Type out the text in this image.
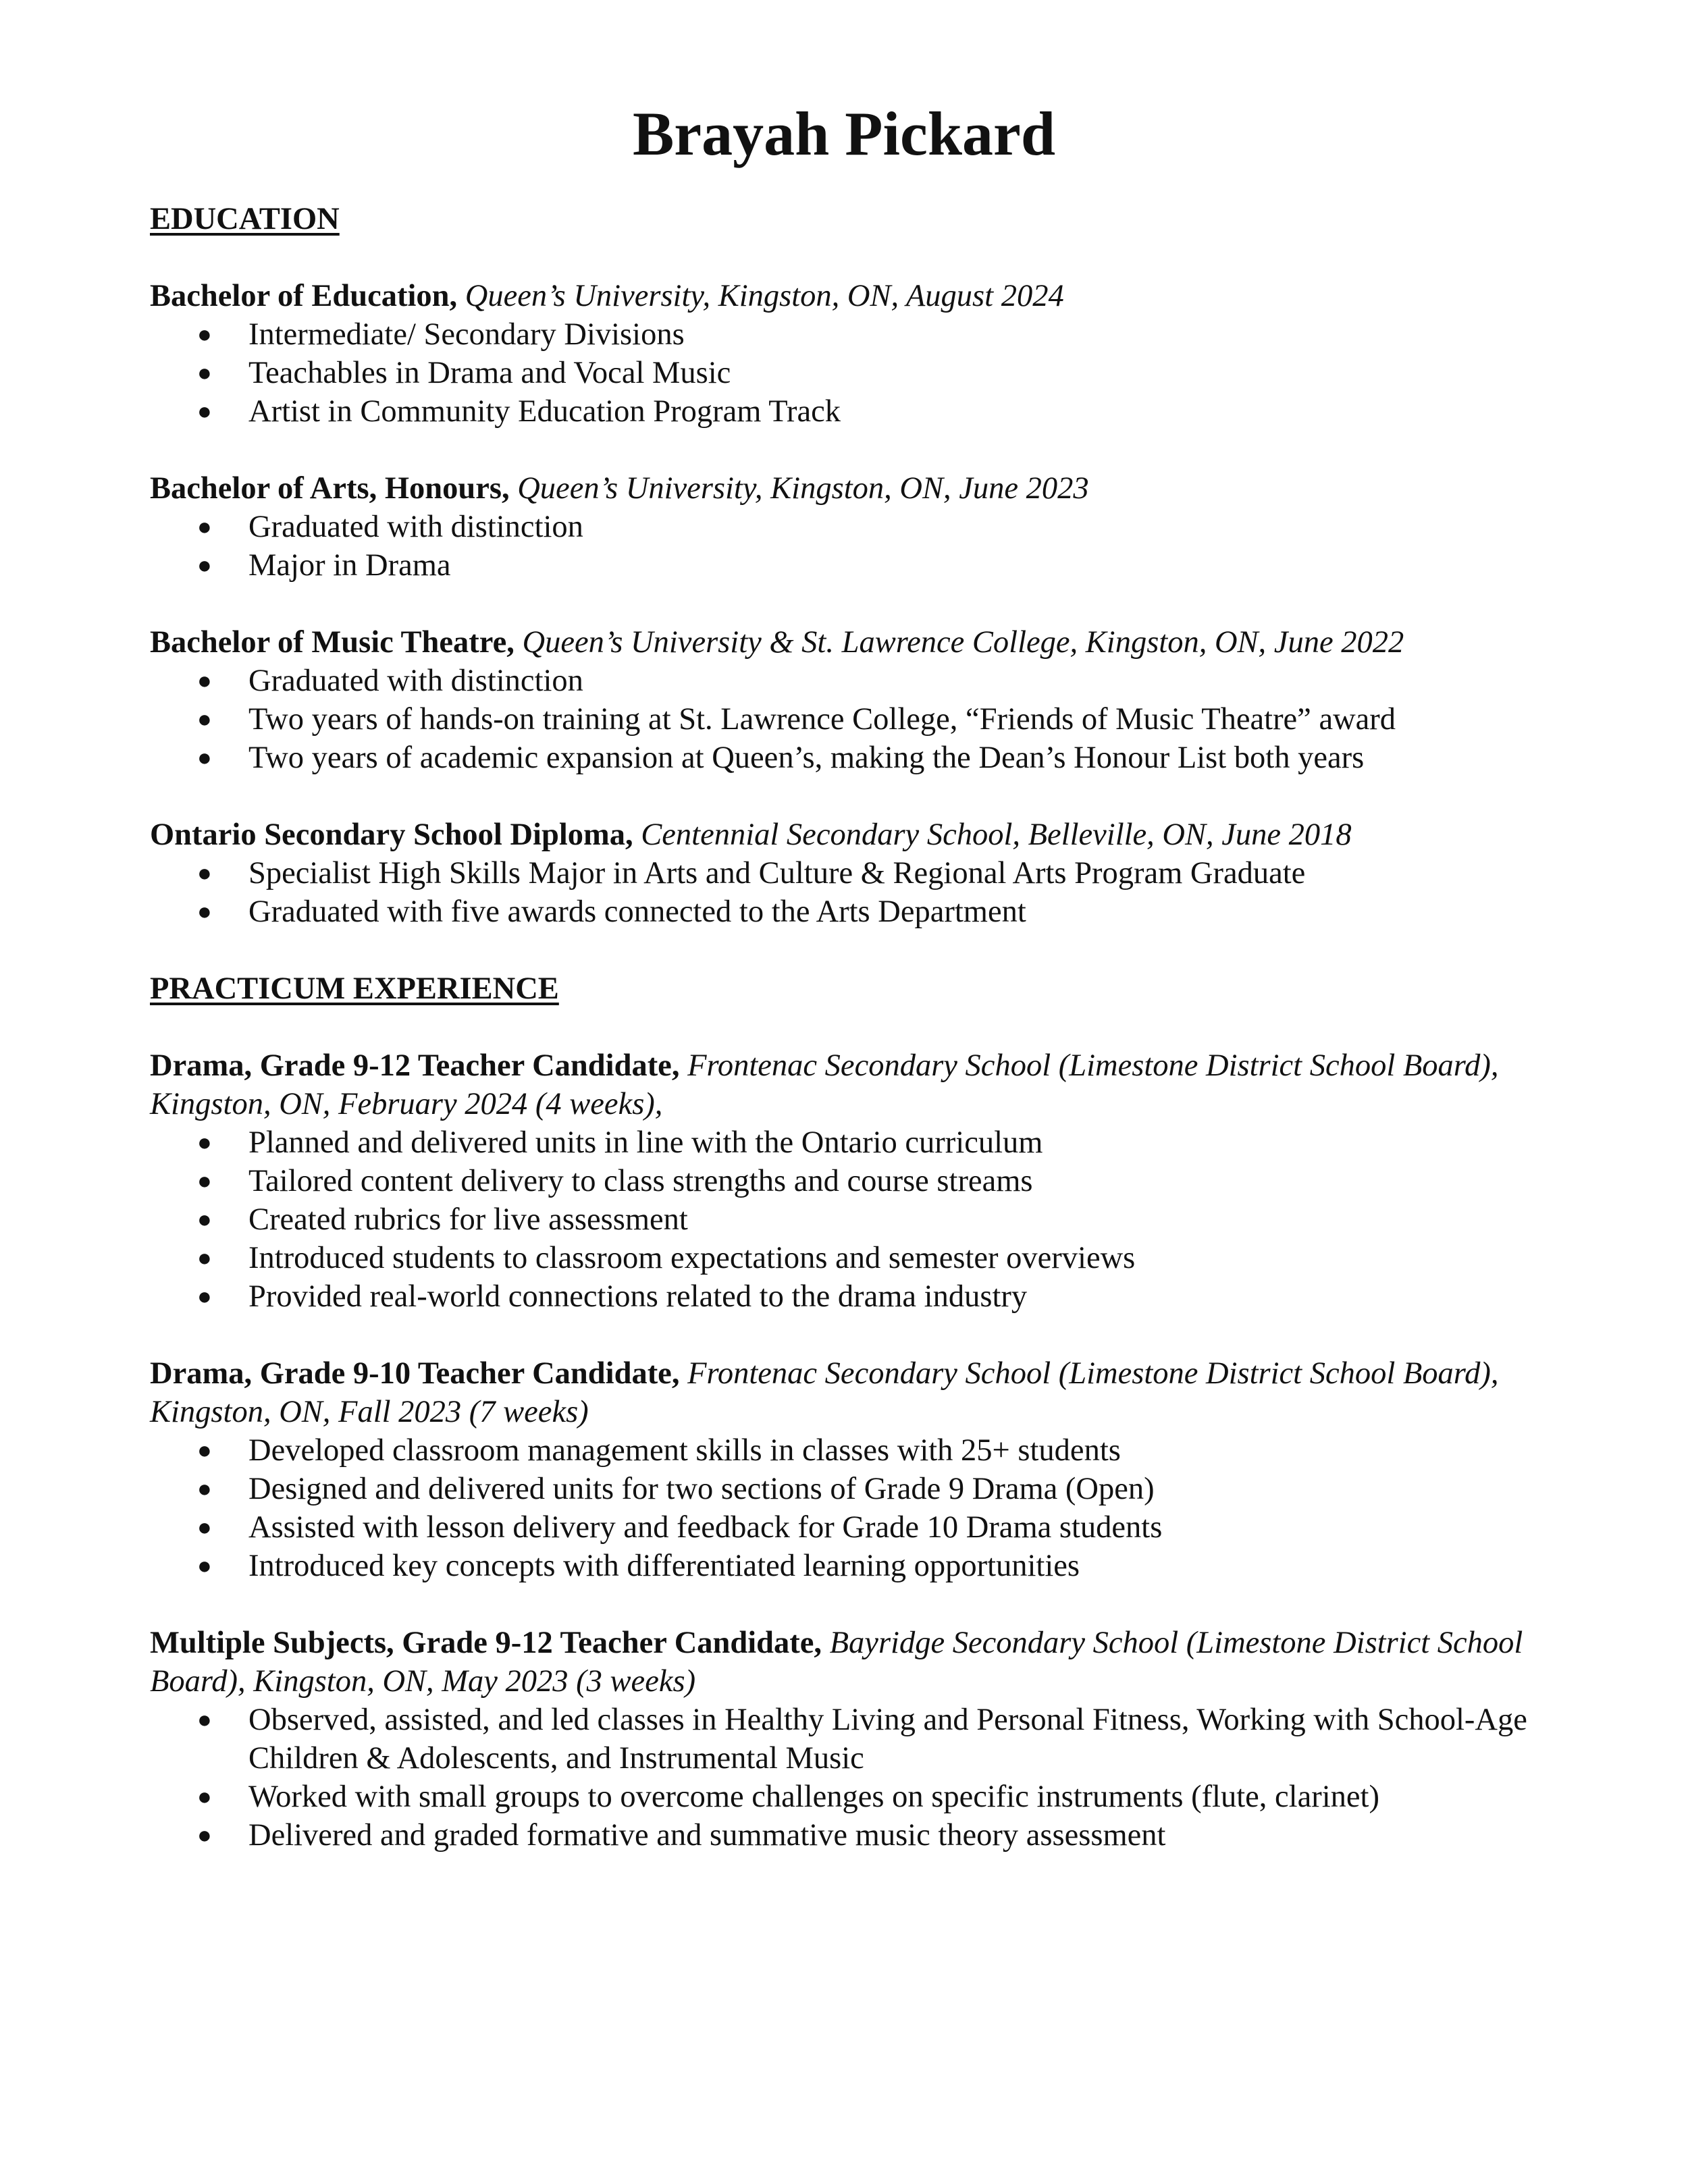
Brayah Pickard
EDUCATION

Bachelor of Education, Queen’s University, Kingston, ON, August 2024

● Intermediate/ Secondary Divisions
● Teachables in Drama and Vocal Music
● Artist in Community Education Program Track

Bachelor of Arts, Honours, Queen’s University, Kingston, ON, June 2023

● Graduated with distinction
● Major in Drama

Bachelor of Music Theatre, Queen’s University & St. Lawrence College, Kingston, ON, June 2022

● Graduated with distinction
● Two years of hands-on training at St. Lawrence College, “Friends of Music Theatre” award
● Two years of academic expansion at Queen’s, making the Dean’s Honour List both years

Ontario Secondary School Diploma, Centennial Secondary School, Belleville, ON, June 2018

● Specialist High Skills Major in Arts and Culture & Regional Arts Program Graduate
● Graduated with five awards connected to the Arts Department
PRACTICUM EXPERIENCE

Drama, Grade 9-12 Teacher Candidate, Frontenac Secondary School (Limestone District School Board), Kingston, ON, February 2024 (4 weeks),

● Planned and delivered units in line with the Ontario curriculum
● Tailored content delivery to class strengths and course streams
● Created rubrics for live assessment
● Introduced students to classroom expectations and semester overviews
● Provided real-world connections related to the drama industry

Drama, Grade 9-10 Teacher Candidate, Frontenac Secondary School (Limestone District School Board), Kingston, ON, Fall 2023 (7 weeks)

● Developed classroom management skills in classes with 25+ students
● Designed and delivered units for two sections of Grade 9 Drama (Open)
● Assisted with lesson delivery and feedback for Grade 10 Drama students
● Introduced key concepts with differentiated learning opportunities

Multiple Subjects, Grade 9-12 Teacher Candidate, Bayridge Secondary School (Limestone District School Board), Kingston, ON, May 2023 (3 weeks)

● Observed, assisted, and led classes in Healthy Living and Personal Fitness, Working with School-Age Children & Adolescents, and Instrumental Music
● Worked with small groups to overcome challenges on specific instruments (flute, clarinet)
● Delivered and graded formative and summative music theory assessment
